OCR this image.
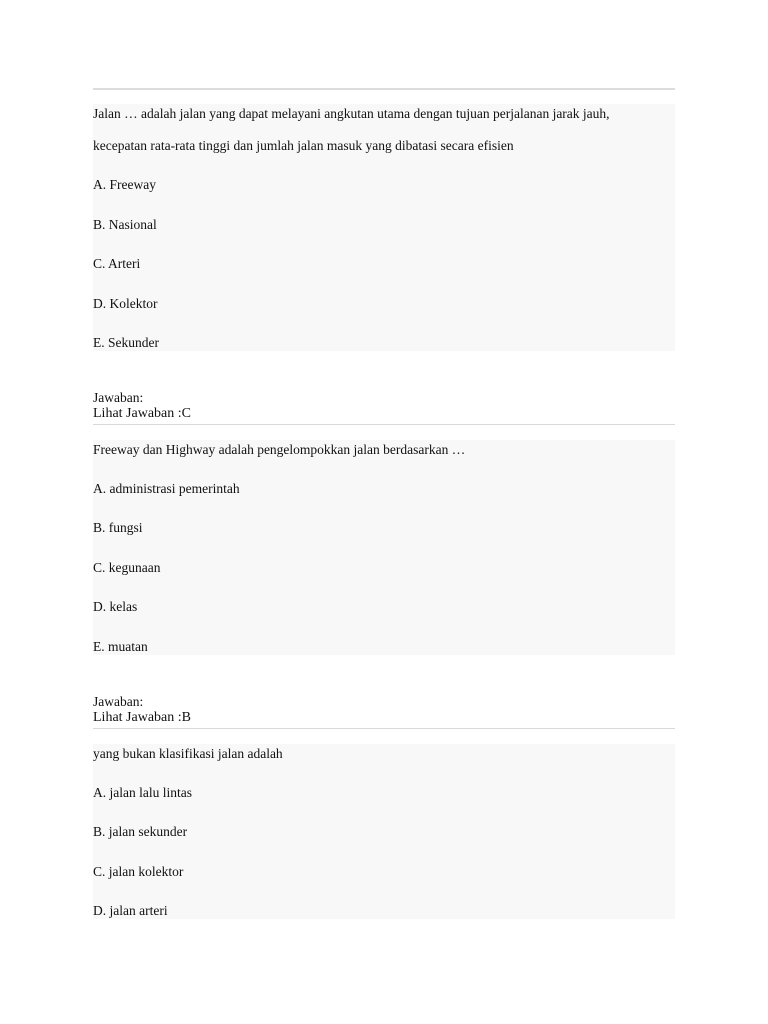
Jalan … adalah jalan yang dapat melayani angkutan utama dengan tujuan perjalanan jarak jauh,
kecepatan rata-rata tinggi dan jumlah jalan masuk yang dibatasi secara efisien
A. Freeway
B. Nasional
C. Arteri
D. Kolektor
E. Sekunder
Jawaban:
Lihat Jawaban :C
Freeway dan Highway adalah pengelompokkan jalan berdasarkan …
A. administrasi pemerintah
B. fungsi
C. kegunaan
D. kelas
E. muatan
Jawaban:
Lihat Jawaban :B
yang bukan klasifikasi jalan adalah
A. jalan lalu lintas
B. jalan sekunder
C. jalan kolektor
D. jalan arteri
